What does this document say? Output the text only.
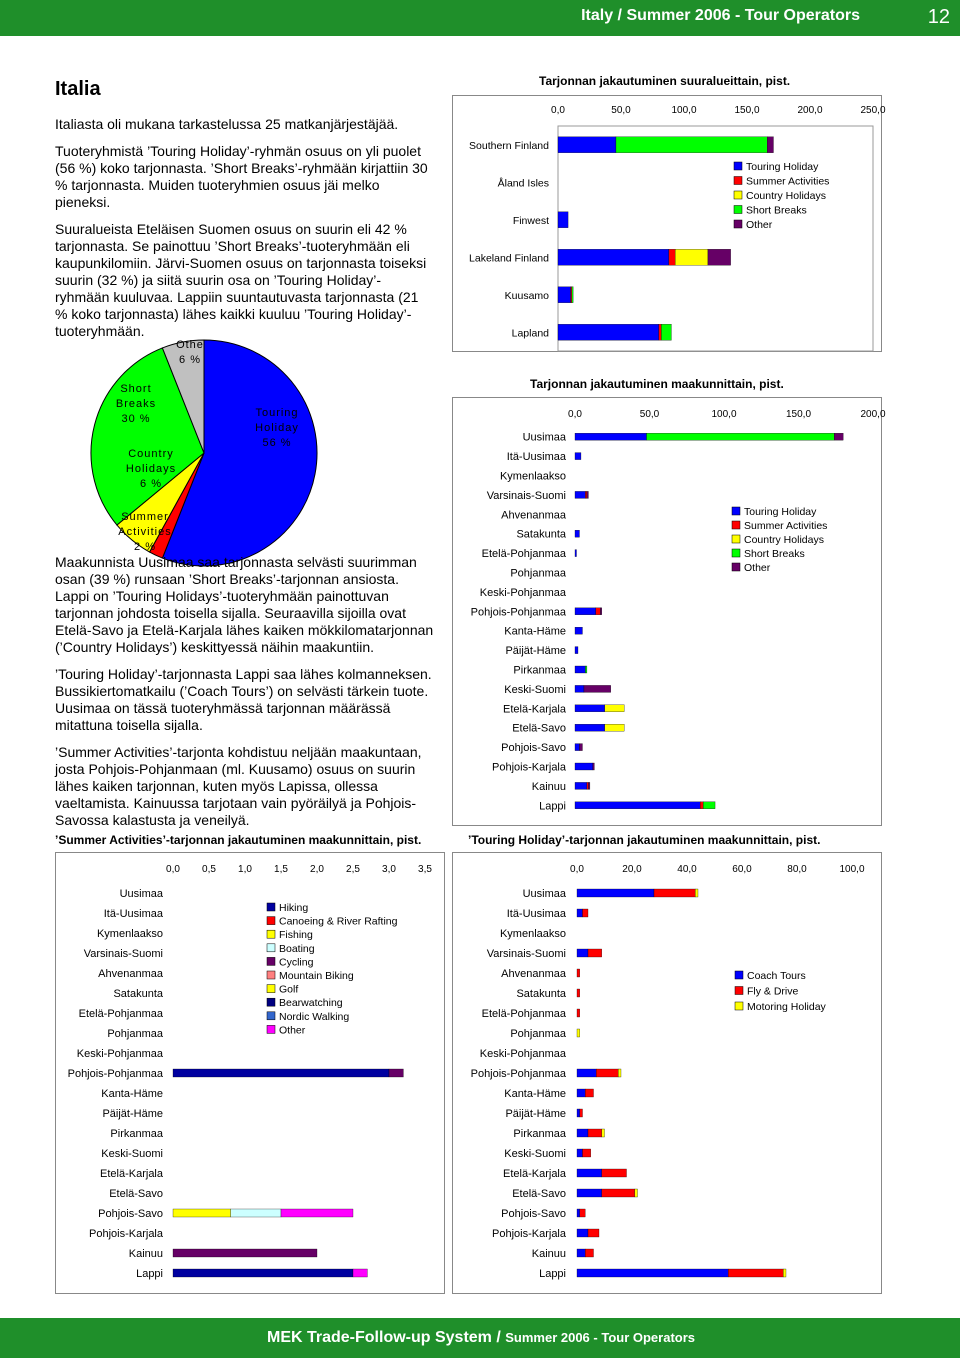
Italy / Summer 2006 - Tour Operators	12
Italia

Italiasta oli mukana tarkastelussa 25 matkanjärjestäjää.

Tuoteryhmistä ’Touring Holiday’-ryhmän osuus on yli puolet (56 %) koko tarjonnasta. ’Short Breaks’-ryhmään kirjattiin 30 % tarjonnasta. Muiden tuoteryhmien osuus jäi melko pieneksi.

Suuralueista Eteläisen Suomen osuus on suurin eli 42 % tarjonnasta. Se painottuu ’Short Breaks’-tuoteryhmään eli kaupunkilomiin. Järvi-Suomen osuus on tarjonnasta toiseksi suurin (32 %) ja siitä suurin osa on ’Touring Holiday’-ryhmään kuuluvaa. Lappiin suuntautuvasta tarjonnasta (21 % koko tarjonnasta) lähes kaikki kuuluu ’Touring Holiday’-tuoteryhmään.

Touring
Holiday
56 %
Summer
Activities
2 %
Country
Holidays
6 %
Short
Breaks
30 %
Othe
6 %

Maakunnista Uusimaa saa tarjonnasta selvästi suurimman osan (39 %) runsaan ’Short Breaks’-tarjonnan ansiosta. Lappi on ’Touring Holidays’-tuoteryhmään painottuvan tarjonnan johdosta toisella sijalla. Seuraavilla sijoilla ovat Etelä-Savo ja Etelä-Karjala lähes kaiken mökkilomatarjonnan (’Country Holidays’) keskittyessä näihin maakuntiin.

’Touring Holiday’-tarjonnasta Lappi saa lähes kolmanneksen. Bussikiertomatkailu (’Coach Tours’) on selvästi tärkein tuote. Uusimaa on tässä tuoteryhmässä tarjonnan määrässä mitattuna toisella sijalla.

’Summer Activities’-tarjonta kohdistuu neljään maakuntaan, josta Pohjois-Pohjanmaan (ml. Kuusamo) osuus on suurin lähes kaiken tarjonnan, kuten myös Lapissa, ollessa vaeltamista. Kainuussa tarjotaan vain pyöräilyä ja Pohjois-Savossa kalastusta ja veneilyä.

Tarjonnan jakautuminen suuralueittain, pist.
0,0	50,0	100,0	150,0	200,0	250,0
Southern Finland
Åland Isles
Finwest
Lakeland Finland
Kuusamo
Lapland
Touring Holiday
Summer Activities
Country Holidays
Short Breaks
Other
Tarjonnan jakautuminen maakunnittain, pist.
0,0	50,0	100,0	150,0	200,0
Uusimaa
Itä-Uusimaa
Kymenlaakso
Varsinais-Suomi
Ahvenanmaa
Satakunta
Etelä-Pohjanmaa
Pohjanmaa
Keski-Pohjanmaa
Pohjois-Pohjanmaa
Kanta-Häme
Päijät-Häme
Pirkanmaa
Keski-Suomi
Etelä-Karjala
Etelä-Savo
Pohjois-Savo
Pohjois-Karjala
Kainuu
Lappi
Touring Holiday
Summer Activities
Country Holidays
Short Breaks
Other
’Summer Activities’-tarjonnan jakautuminen maakunnittain, pist.
0,0 0,5 1,0 1,5 2,0 2,5 3,0 3,5
Uusimaa
Itä-Uusimaa
Kymenlaakso
Varsinais-Suomi
Ahvenanmaa
Satakunta
Etelä-Pohjanmaa
Pohjanmaa
Keski-Pohjanmaa
Pohjois-Pohjanmaa
Kanta-Häme
Päijät-Häme
Pirkanmaa
Keski-Suomi
Etelä-Karjala
Etelä-Savo
Pohjois-Savo
Pohjois-Karjala
Kainuu
Lappi
Hiking
Canoeing & River Rafting
Fishing
Boating
Cycling
Mountain Biking
Golf
Bearwatching
Nordic Walking
Other
’Touring Holiday’-tarjonnan jakautuminen maakunnittain, pist.
0,0	20,0	40,0	60,0	80,0	100,0
Uusimaa
Itä-Uusimaa
Kymenlaakso
Varsinais-Suomi
Ahvenanmaa
Satakunta
Etelä-Pohjanmaa
Pohjanmaa
Keski-Pohjanmaa
Pohjois-Pohjanmaa
Kanta-Häme
Päijät-Häme
Pirkanmaa
Keski-Suomi
Etelä-Karjala
Etelä-Savo
Pohjois-Savo
Pohjois-Karjala
Kainuu
Lappi
Coach Tours
Fly & Drive
Motoring Holiday
MEK Trade-Follow-up System / Summer 2006 - Tour Operators
